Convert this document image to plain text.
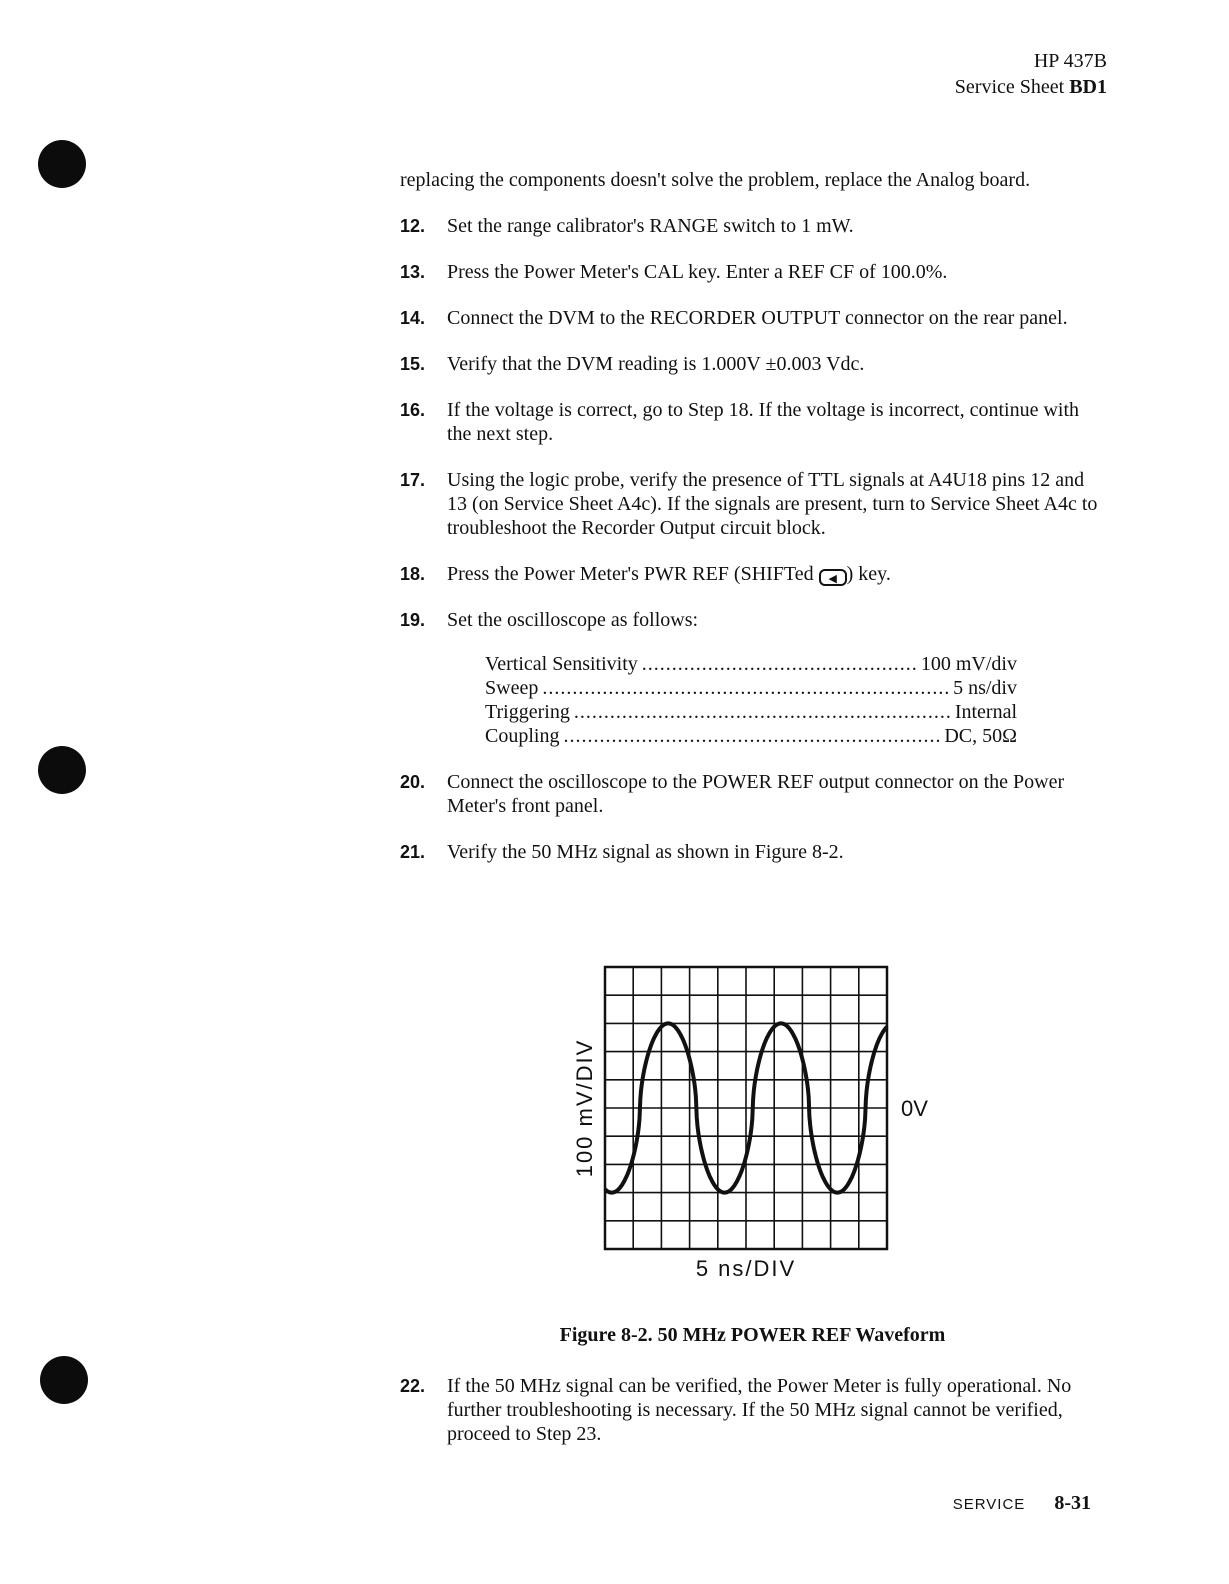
HP 437B
Service Sheet BD1

replacing the components doesn't solve the problem, replace the Analog board.

12.	Set the range calibrator's RANGE switch to 1 mW.
13.	Press the Power Meter's CAL key. Enter a REF CF of 100.0%.
14.	Connect the DVM to the RECORDER OUTPUT connector on the rear panel.
15.	Verify that the DVM reading is 1.000V ±0.003 Vdc.
16.	If the voltage is correct, go to Step 18. If the voltage is incorrect, continue with the next step.
17.	Using the logic probe, verify the presence of TTL signals at A4U18 pins 12 and 13 (on Service Sheet A4c). If the signals are present, turn to Service Sheet A4c to troubleshoot the Recorder Output circuit block.
18.	Press the Power Meter's PWR REF (SHIFTed ◀ ) key.
19.	Set the oscilloscope as follows:
Vertical Sensitivity .....	100 mV/div
Sweep .....	5 ns/div
Triggering .....	Internal
Coupling .....	DC, 50Ω
20.	Connect the oscilloscope to the POWER REF output connector on the Power Meter's front panel.
21.	Verify the 50 MHz signal as shown in Figure 8-2.
100 mV/DIV
5 ns/DIV
0V
Figure 8-2. 50 MHz POWER REF Waveform
22.	If the 50 MHz signal can be verified, the Power Meter is fully operational. No further troubleshooting is necessary. If the 50 MHz signal cannot be verified, proceed to Step 23.
SERVICE 8-31
